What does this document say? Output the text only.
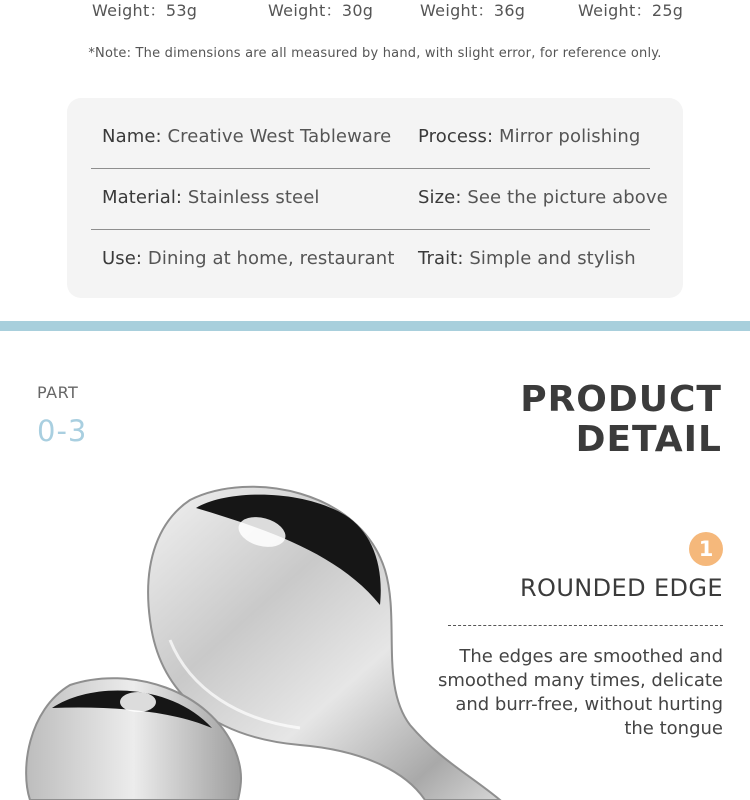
Weight：53g	Weight：30g	Weight：36g	Weight：25g
*Note: The dimensions are all measured by hand, with slight error, for reference only.
Name: Creative West Tableware Process: Mirror polishing
Material: Stainless steel	Size: See the picture above
Use: Dining at home, restaurant Trait: Simple and stylish
PART
0-3
PRODUCT
DETAIL
1
ROUNDED EDGE
The edges are smoothed and smoothed many times, delicate and burr-free, without hurting the tongue
